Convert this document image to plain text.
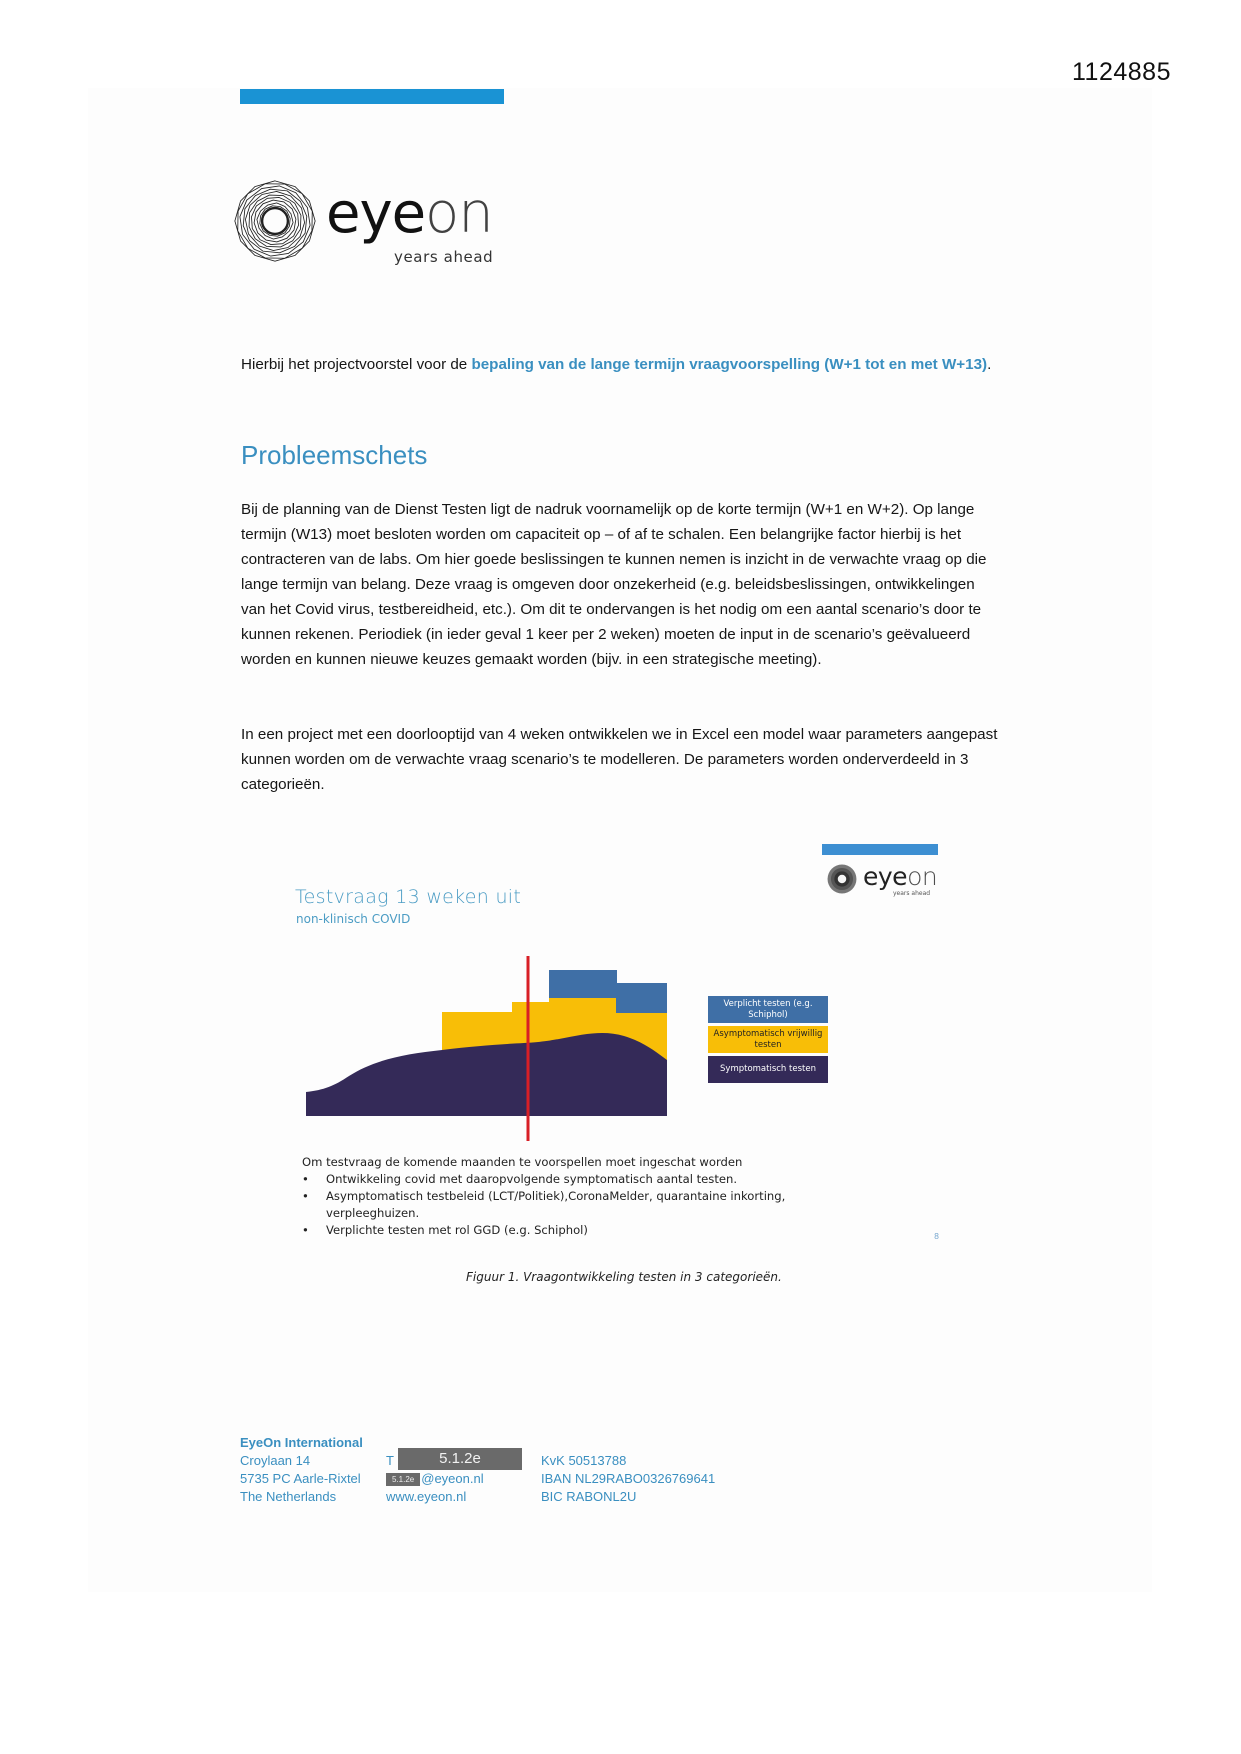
1124885
eyeon
years ahead
Hierbij het projectvoorstel voor de bepaling van de lange termijn vraagvoorspelling (W+1 tot en met W+13).
Probleemschets

Bij de planning van de Dienst Testen ligt de nadruk voornamelijk op de korte termijn (W+1 en W+2). Op lange termijn (W13) moet besloten worden om capaciteit op – of af te schalen. Een belangrijke factor hierbij is het contracteren van de labs. Om hier goede beslissingen te kunnen nemen is inzicht in de verwachte vraag op die lange termijn van belang. Deze vraag is omgeven door onzekerheid (e.g. beleidsbeslissingen, ontwikkelingen van het Covid virus, testbereidheid, etc.). Om dit te ondervangen is het nodig om een aantal scenario’s door te kunnen rekenen. Periodiek (in ieder geval 1 keer per 2 weken) moeten de input in de scenario’s geëvalueerd worden en kunnen nieuwe keuzes gemaakt worden (bijv. in een strategische meeting).

In een project met een doorlooptijd van 4 weken ontwikkelen we in Excel een model waar parameters aangepast kunnen worden om de verwachte vraag scenario’s te modelleren. De parameters worden onderverdeeld in 3 categorieën.

eyeon
years ahead
Testvraag 13 weken uit
non-klinisch COVID
Verplicht testen (e.g. Schiphol)
Asymptomatisch vrijwillig testen
Symptomatisch testen
Om testvraag de komende maanden te voorspellen moet ingeschat worden
• Ontwikkeling covid met daaropvolgende symptomatisch aantal testen.
• Asymptomatisch testbeleid (LCT/Politiek),CoronaMelder, quarantaine inkorting, verpleeghuizen.
• Verplichte testen met rol GGD (e.g. Schiphol)	8
Figuur 1. Vraagontwikkeling testen in 3 categorieën.
EyeOn International
Croylaan 14
5735 PC Aarle-Rixtel
The Netherlands

T	5.1.2e
5.1.2e @eyeon.nl
www.eyeon.nl

KvK 50513788
IBAN NL29RABO0326769641
BIC RABONL2U
